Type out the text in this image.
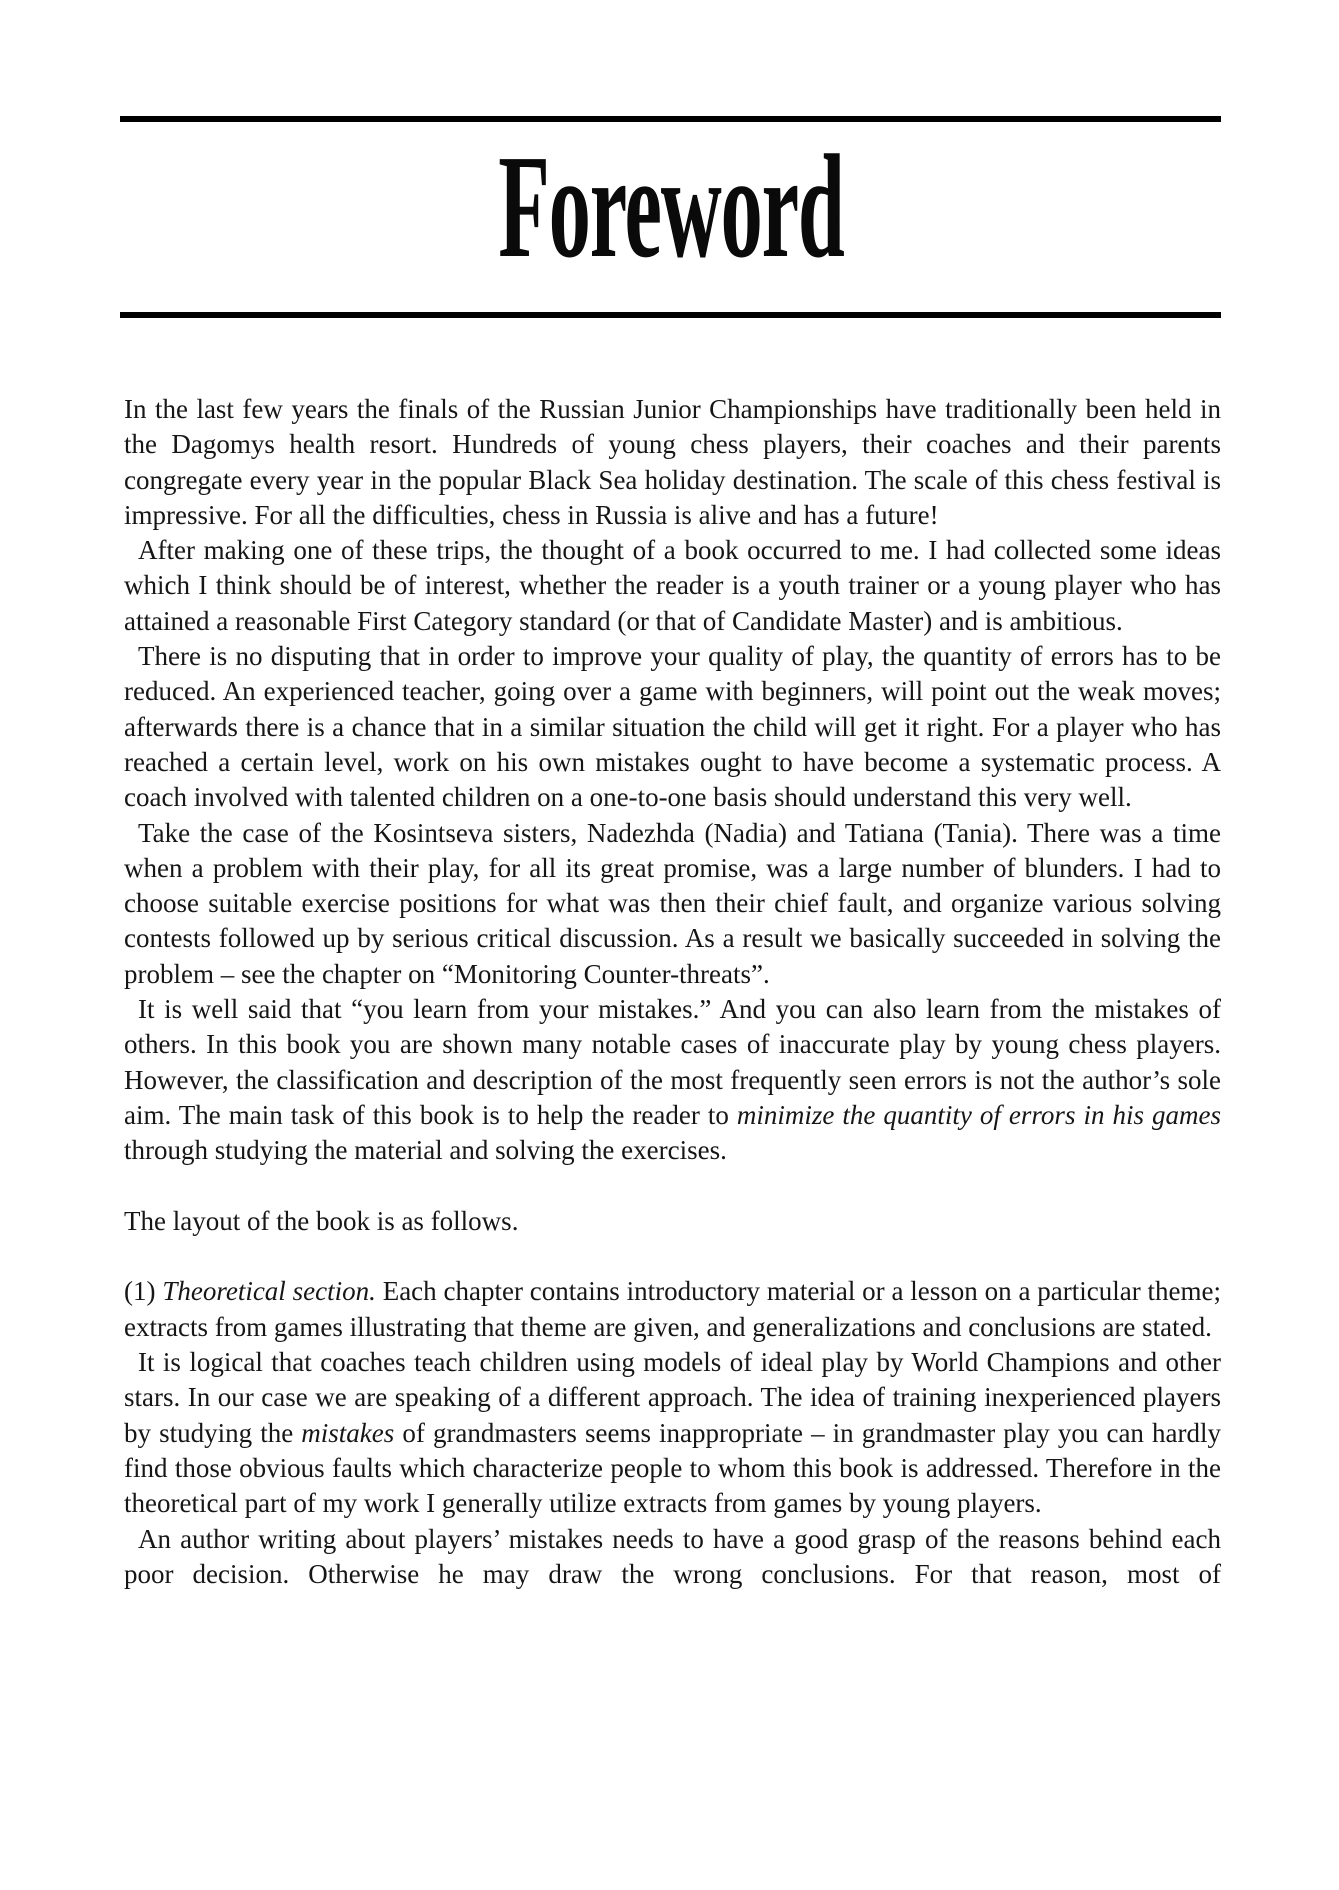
Foreword

In the last few years the finals of the Russian Junior Championships have traditionally been held in the Dagomys health resort. Hundreds of young chess players, their coaches and their parents congregate every year in the popular Black Sea holiday destination. The scale of this chess festival is impressive. For all the difficulties, chess in Russia is alive and has a future!

After making one of these trips, the thought of a book occurred to me. I had collected some ideas which I think should be of interest, whether the reader is a youth trainer or a young player who has attained a reasonable First Category standard (or that of Candidate Master) and is ambitious.

There is no disputing that in order to improve your quality of play, the quantity of errors has to be reduced. An experienced teacher, going over a game with beginners, will point out the weak moves; afterwards there is a chance that in a similar situation the child will get it right. For a player who has reached a certain level, work on his own mistakes ought to have become a systematic process. A coach involved with talented children on a one-to-one basis should understand this very well.

Take the case of the Kosintseva sisters, Nadezhda (Nadia) and Tatiana (Tania). There was a time when a problem with their play, for all its great promise, was a large number of blunders. I had to choose suitable exercise positions for what was then their chief fault, and organize various solving contests followed up by serious critical discussion. As a result we basically succeeded in solving the problem – see the chapter on “Monitoring Counter-threats”.

It is well said that “you learn from your mistakes.” And you can also learn from the mistakes of others. In this book you are shown many notable cases of inaccurate play by young chess players. However, the classification and description of the most frequently seen errors is not the author’s sole aim. The main task of this book is to help the reader to minimize the quantity of errors in his games through studying the material and solving the exercises.

The layout of the book is as follows.

(1) Theoretical section. Each chapter contains introductory material or a lesson on a particular theme; extracts from games illustrating that theme are given, and generalizations and conclusions are stated.

It is logical that coaches teach children using models of ideal play by World Champions and other stars. In our case we are speaking of a different approach. The idea of training inexperienced players by studying the mistakes of grandmasters seems inappropriate – in grandmaster play you can hardly find those obvious faults which characterize people to whom this book is addressed. Therefore in the theoretical part of my work I generally utilize extracts from games by young players.

An author writing about players’ mistakes needs to have a good grasp of the reasons behind each poor decision. Otherwise he may draw the wrong conclusions. For that reason, most of
